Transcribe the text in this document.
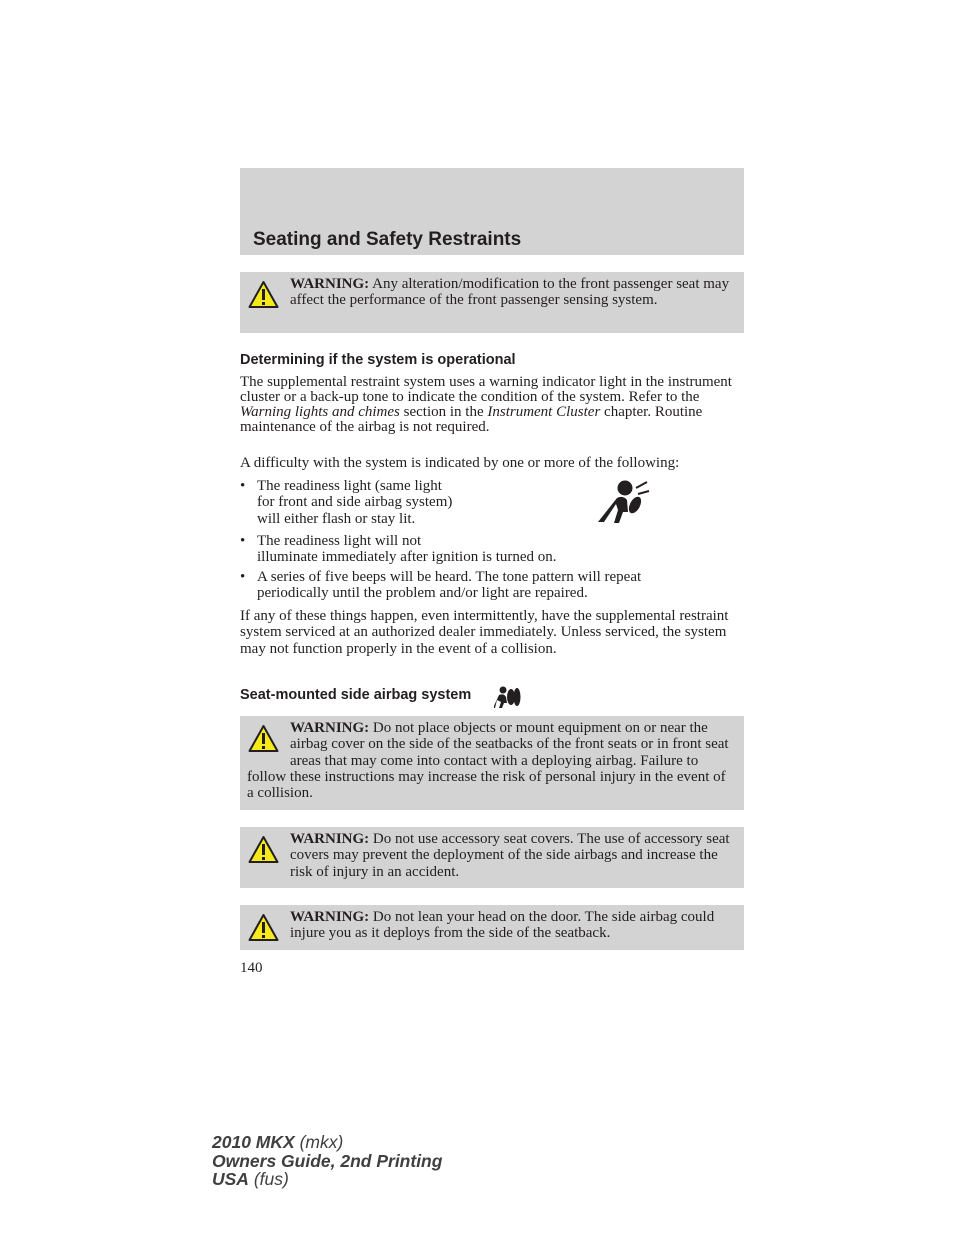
Seating and Safety Restraints
WARNING: Any alteration/modification to the front passenger seat may affect the performance of the front passenger sensing system.
Determining if the system is operational

The supplemental restraint system uses a warning indicator light in the instrument cluster or a back-up tone to indicate the condition of the system. Refer to the Warning lights and chimes section in the Instrument Cluster chapter. Routine maintenance of the airbag is not required.

A difficulty with the system is indicated by one or more of the following:

• The readiness light (same light
for front and side airbag system)
will either flash or stay lit.
• The readiness light will not
illuminate immediately after ignition is turned on.
• A series of five beeps will be heard. The tone pattern will repeat
periodically until the problem and/or light are repaired.

If any of these things happen, even intermittently, have the supplemental restraint system serviced at an authorized dealer immediately. Unless serviced, the system may not function properly in the event of a collision.

Seat-mounted side airbag system
WARNING: Do not place objects or mount equipment on or near the airbag cover on the side of the seatbacks of the front seats or in front seat areas that may come into contact with a deploying airbag. Failure to follow these instructions may increase the risk of personal injury in the event of a collision.
WARNING: Do not use accessory seat covers. The use of accessory seat covers may prevent the deployment of the side airbags and increase the risk of injury in an accident.
WARNING: Do not lean your head on the door. The side airbag could injure you as it deploys from the side of the seatback.
140
2010 MKX (mkx)
Owners Guide, 2nd Printing
USA (fus)
